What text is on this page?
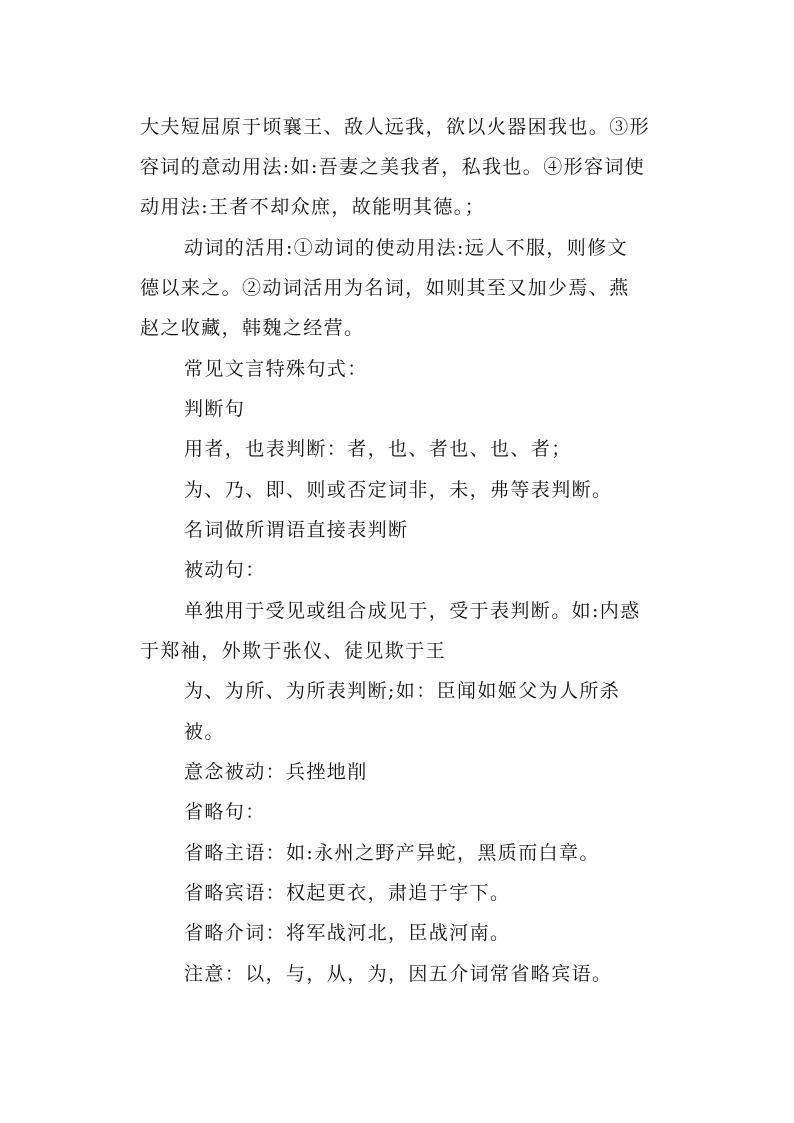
大夫短屈原于顷襄王、敌人远我，欲以火器困我也。③形
容词的意动用法:如:吾妻之美我者，私我也。④形容词使
动用法:王者不却众庶，故能明其德。；
动词的活用:①动词的使动用法:远人不服，则修文
德以来之。②动词活用为名词，如则其至又加少焉、燕
赵之收藏，韩魏之经营。
常见文言特殊句式：
判断句
用者，也表判断：者，也、者也、也、者；
为、乃、即、则或否定词非，未，弗等表判断。
名词做所谓语直接表判断
被动句：
单独用于受见或组合成见于，受于表判断。如:内惑
于郑袖，外欺于张仪、徒见欺于王
为、为所、为所表判断;如：臣闻如姬父为人所杀
被。
意念被动：兵挫地削
省略句：
省略主语：如:永州之野产异蛇，黑质而白章。
省略宾语：权起更衣，肃追于宇下。
省略介词：将军战河北，臣战河南。
注意：以，与，从，为，因五介词常省略宾语。
